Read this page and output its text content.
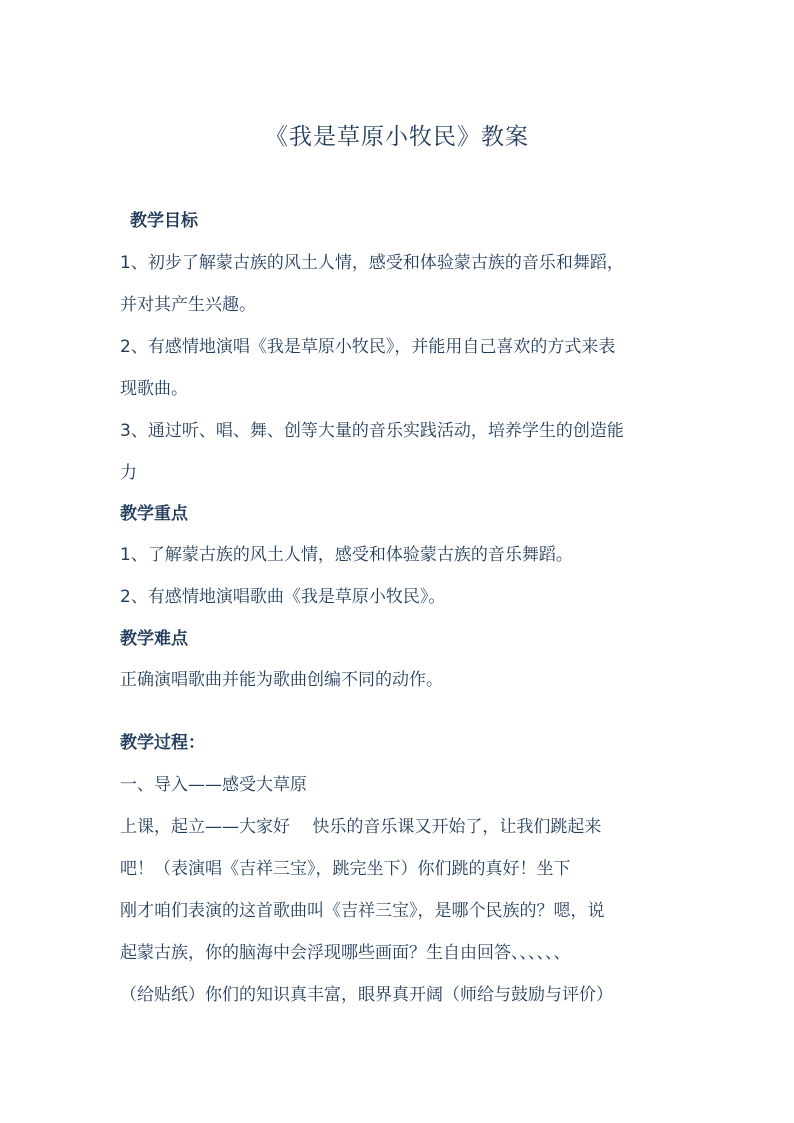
《我是草原小牧民》教案
教学目标
1、初步了解蒙古族的风土人情，感受和体验蒙古族的音乐和舞蹈，
并对其产生兴趣。
2、有感情地演唱《我是草原小牧民》，并能用自己喜欢的方式来表
现歌曲。
3、通过听、唱、舞、创等大量的音乐实践活动，培养学生的创造能
力
教学重点
1、了解蒙古族的风土人情，感受和体验蒙古族的音乐舞蹈。
2、有感情地演唱歌曲《我是草原小牧民》。
教学难点
正确演唱歌曲并能为歌曲创编不同的动作。
教学过程：
一、导入——感受大草原
上课，起立——大家好　 快乐的音乐课又开始了，让我们跳起来
吧！（表演唱《吉祥三宝》，跳完坐下）你们跳的真好！坐下
刚才咱们表演的这首歌曲叫《吉祥三宝》，是哪个民族的？嗯，说
起蒙古族，你的脑海中会浮现哪些画面？生自由回答、、、、、、
（给贴纸）你们的知识真丰富，眼界真开阔（师给与鼓励与评价）
